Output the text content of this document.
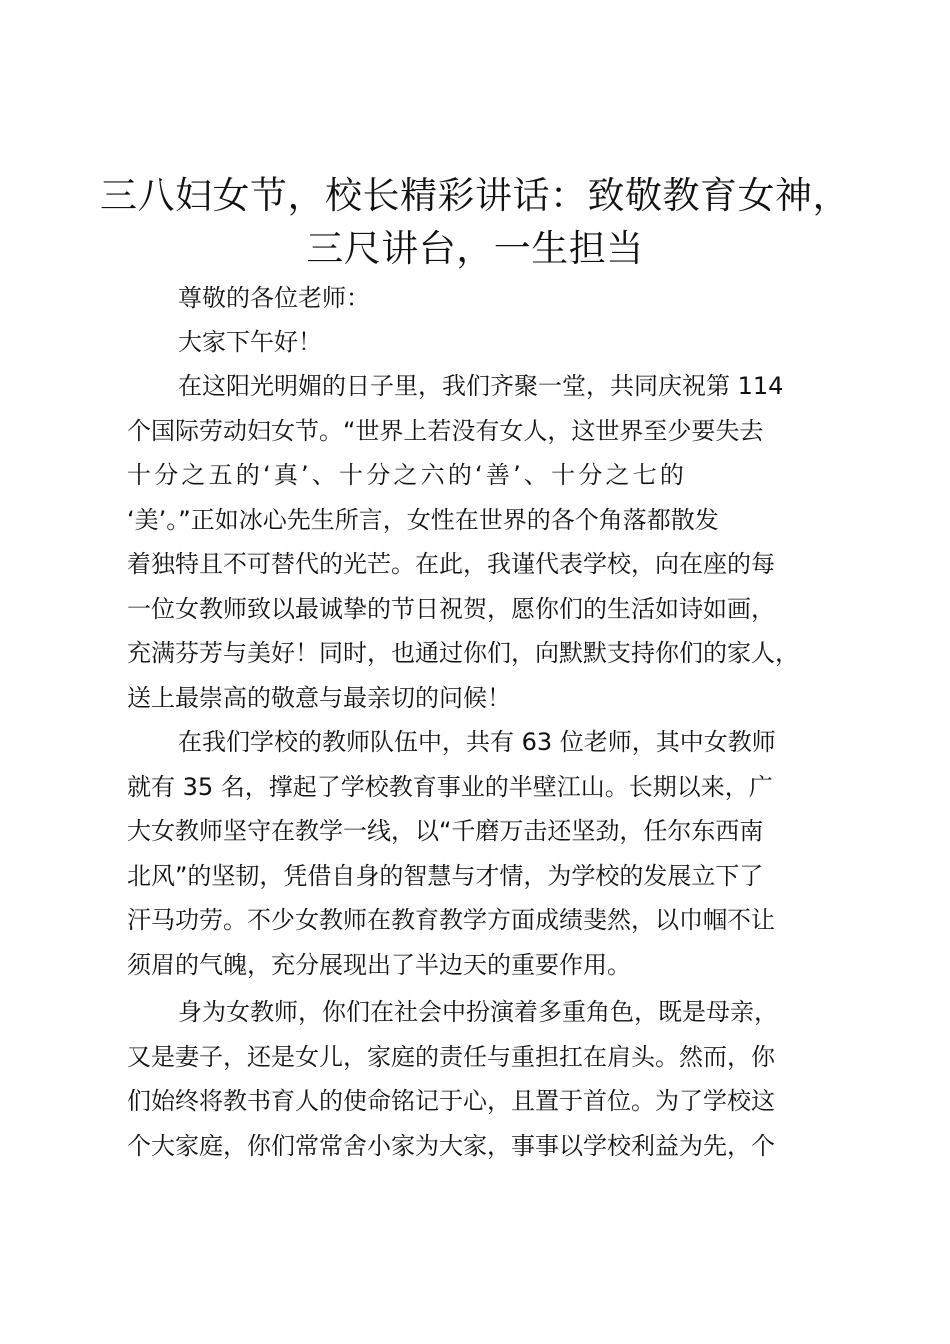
三八妇女节，校长精彩讲话：致敬教育女神，
三尺讲台，一生担当

尊敬的各位老师：

大家下午好！

在这阳光明媚的日子里，我们齐聚一堂，共同庆祝第 114

个国际劳动妇女节。“世界上若没有女人，这世界至少要失去

十分之五的‘真’、十分之六的‘善’、十分之七的

‘美’。”正如冰心先生所言，女性在世界的各个角落都散发

着独特且不可替代的光芒。在此，我谨代表学校，向在座的每

一位女教师致以最诚挚的节日祝贺，愿你们的生活如诗如画，

充满芬芳与美好！同时，也通过你们，向默默支持你们的家人，

送上最崇高的敬意与最亲切的问候！

在我们学校的教师队伍中，共有 63 位老师，其中女教师

就有 35 名，撑起了学校教育事业的半壁江山。长期以来，广

大女教师坚守在教学一线，以“千磨万击还坚劲，任尔东西南

北风”的坚韧，凭借自身的智慧与才情，为学校的发展立下了

汗马功劳。不少女教师在教育教学方面成绩斐然，以巾帼不让

须眉的气魄，充分展现出了半边天的重要作用。

身为女教师，你们在社会中扮演着多重角色，既是母亲，

又是妻子，还是女儿，家庭的责任与重担扛在肩头。然而，你

们始终将教书育人的使命铭记于心，且置于首位。为了学校这

个大家庭，你们常常舍小家为大家，事事以学校利益为先，个
